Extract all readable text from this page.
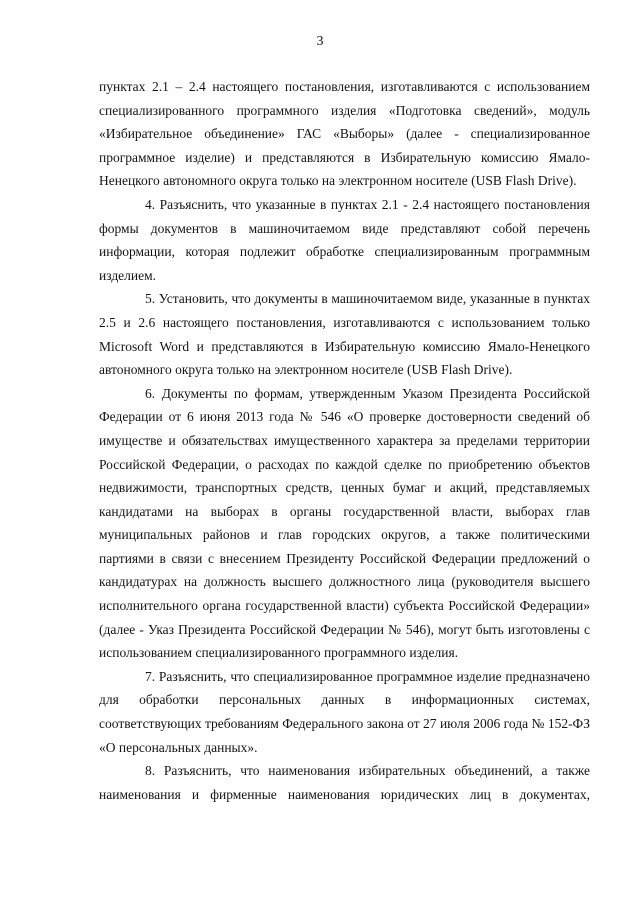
3

пунктах 2.1 – 2.4 настоящего постановления, изготавливаются с использованием специализированного программного изделия «Подготовка сведений», модуль «Избирательное объединение» ГАС «Выборы» (далее - специализированное программное изделие) и представляются в Избирательную комиссию Ямало-Ненецкого автономного округа только на электронном носителе (USB Flash Drive).

4. Разъяснить, что указанные в пунктах 2.1 - 2.4 настоящего постановления формы документов в машиночитаемом виде представляют собой перечень информации, которая подлежит обработке специализированным программным изделием.

5. Установить, что документы в машиночитаемом виде, указанные в пунктах 2.5 и 2.6 настоящего постановления, изготавливаются с использованием только Microsoft Word и представляются в Избирательную комиссию Ямало-Ненецкого автономного округа только на электронном носителе (USB Flash Drive).

6. Документы по формам, утвержденным Указом Президента Российской Федерации от 6 июня 2013 года № 546 «О проверке достоверности сведений об имуществе и обязательствах имущественного характера за пределами территории Российской Федерации, о расходах по каждой сделке по приобретению объектов недвижимости, транспортных средств, ценных бумаг и акций, представляемых кандидатами на выборах в органы государственной власти, выборах глав муниципальных районов и глав городских округов, а также политическими партиями в связи с внесением Президенту Российской Федерации предложений о кандидатурах на должность высшего должностного лица (руководителя высшего исполнительного органа государственной власти) субъекта Российской Федерации» (далее - Указ Президента Российской Федерации № 546), могут быть изготовлены с использованием специализированного программного изделия.

7. Разъяснить, что специализированное программное изделие предназначено для обработки персональных данных в информационных системах, соответствующих требованиям Федерального закона от 27 июля 2006 года № 152-ФЗ «О персональных данных».

8. Разъяснить, что наименования избирательных объединений, а также наименования и фирменные наименования юридических лиц в документах,
